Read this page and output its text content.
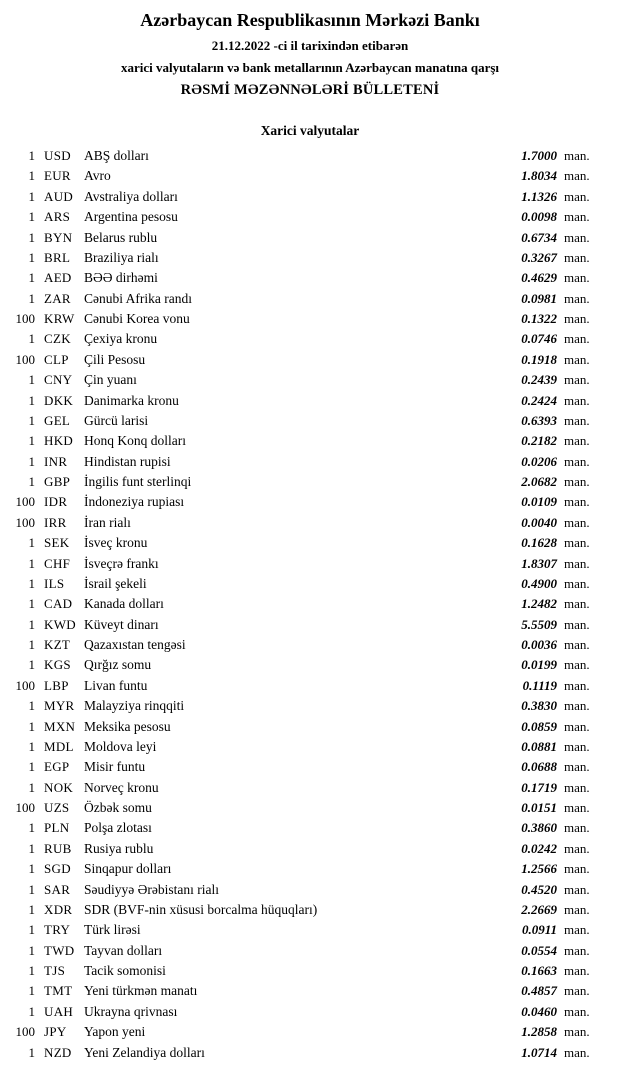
Azərbaycan Respublikasının Mərkəzi Bankı
21.12.2022 -ci il tarixindən etibarən
xarici valyutaların və bank metallarının Azərbaycan manatına qarşı
RƏSMİ MƏZƏNNƏLƏRİ BÜLLETENİ
Xarici valyutalar
1 USD ABŞ dolları	1.7000 man.
1 EUR Avro	1.8034 man.
1 AUD Avstraliya dolları	1.1326 man.
1 ARS	Argentina pesosu	0.0098 man.
1 BYN Belarus rublu	0.6734 man.
1 BRL	Braziliya rialı	0.3267 man.
1 AED BƏƏ dirhəmi	0.4629 man.
1 ZAR Cənubi Afrika randı	0.0981 man.
100 KRW Cənubi Korea vonu	0.1322 man.
1 CZK Çexiya kronu	0.0746 man.
100 CLP	Çili Pesosu	0.1918 man.
1 CNY Çin yuanı	0.2439 man.
1 DKK Danimarka kronu	0.2424 man.
1 GEL	Gürcü larisi	0.6393 man.
1 HKD Honq Konq dolları	0.2182 man.
1 INR	Hindistan rupisi	0.0206 man.
1 GBP	İngilis funt sterlinqi	2.0682 man.
100 IDR	İndoneziya rupiası	0.0109 man.
100 IRR	İran rialı	0.0040 man.
1 SEK	İsveç kronu	0.1628 man.
1 CHF	İsveçrə frankı	1.8307 man.
1 ILS	İsrail şekeli	0.4900 man.
1 CAD Kanada dolları	1.2482 man.
1 KWD Küveyt dinarı	5.5509 man.
1 KZT	Qazaxıstan tengəsi	0.0036 man.
1 KGS Qırğız somu	0.0199 man.
100 LBP	Livan funtu	0.1119 man.
1 MYR Malayziya rinqqiti	0.3830 man.
1 MXN Meksika pesosu	0.0859 man.
1 MDL Moldova leyi	0.0881 man.
1 EGP	Misir funtu	0.0688 man.
1 NOK Norveç kronu	0.1719 man.
100 UZS	Özbək somu	0.0151 man.
1 PLN	Polşa zlotası	0.3860 man.
1 RUB Rusiya rublu	0.0242 man.
1 SGD Sinqapur dolları	1.2566 man.
1 SAR	Səudiyyə Ərəbistanı rialı	0.4520 man.
1 XDR SDR (BVF-nin xüsusi borcalma hüquqları)	2.2669 man.
1 TRY	Türk lirəsi	0.0911 man.
1 TWD Tayvan dolları	0.0554 man.
1 TJS	Tacik somonisi	0.1663 man.
1 TMT Yeni türkmən manatı	0.4857 man.
1 UAH Ukrayna qrivnası	0.0460 man.
100 JPY	Yapon yeni	1.2858 man.
1 NZD Yeni Zelandiya dolları	1.0714 man.
